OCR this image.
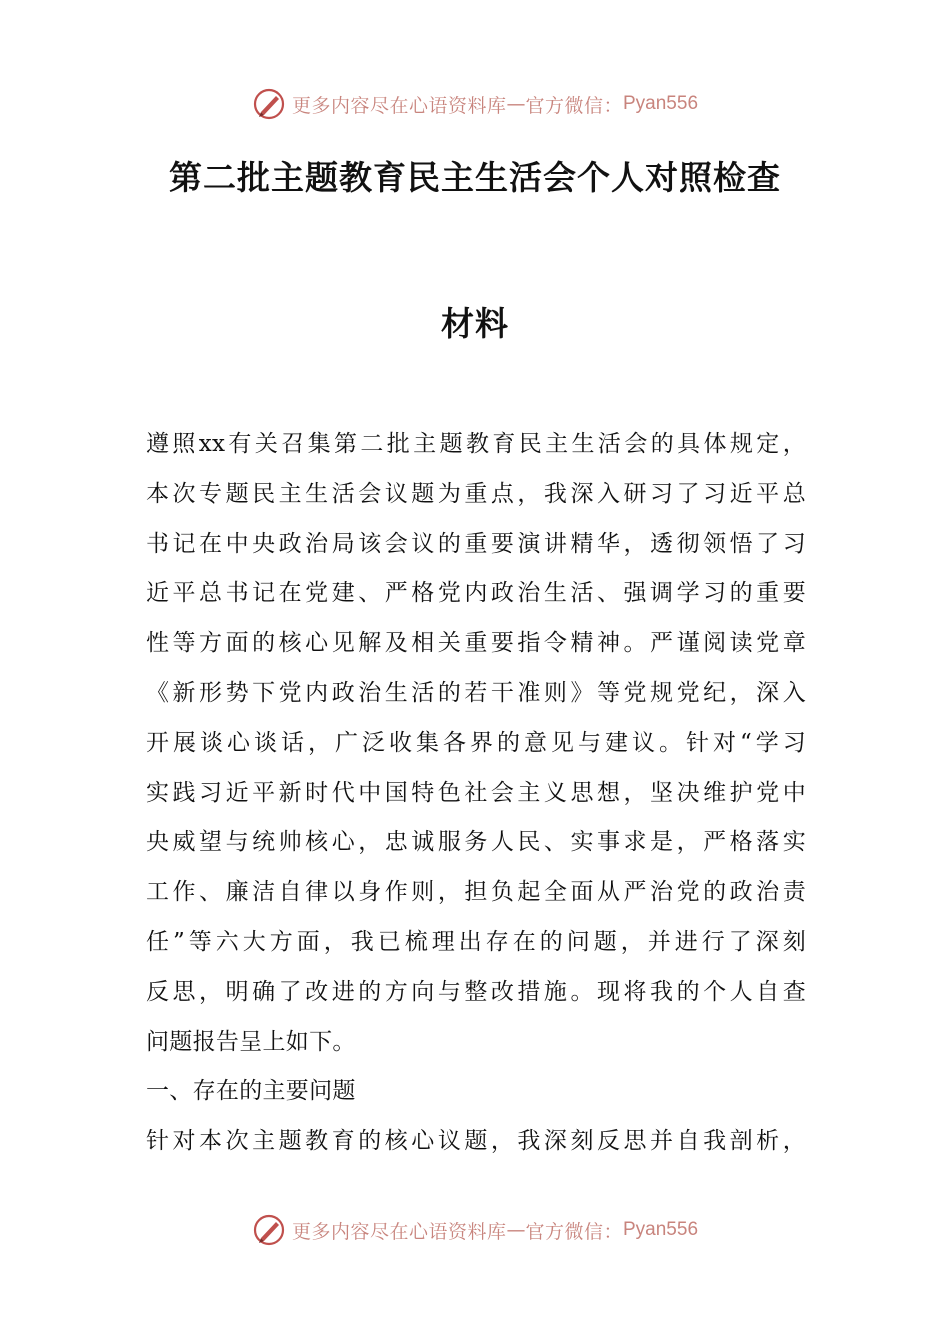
更多内容尽在心语资料库 — 官方微信： Pyan556
第二批主题教育民主生活会个人对照检查
材料
遵照xx有关召集第二批主题教育民主生活会的具体规定，
本次专题民主生活会议题为重点，我深入研习了习近平总
书记在中央政治局该会议的重要演讲精华，透彻领悟了习
近平总书记在党建、严格党内政治生活、强调学习的重要
性等方面的核心见解及相关重要指令精神。严谨阅读党章
《新形势下党内政治生活的若干准则》等党规党纪，深入
开展谈心谈话，广泛收集各界的意见与建议。针对“学习
实践习近平新时代中国特色社会主义思想，坚决维护党中
央威望与统帅核心，忠诚服务人民、实事求是，严格落实
工作、廉洁自律以身作则，担负起全面从严治党的政治责
任”等六大方面，我已梳理出存在的问题，并进行了深刻
反思，明确了改进的方向与整改措施。现将我的个人自查
问题报告呈上如下。
一、存在的主要问题
针对本次主题教育的核心议题，我深刻反思并自我剖析，
更多内容尽在心语资料库 — 官方微信： Pyan556
